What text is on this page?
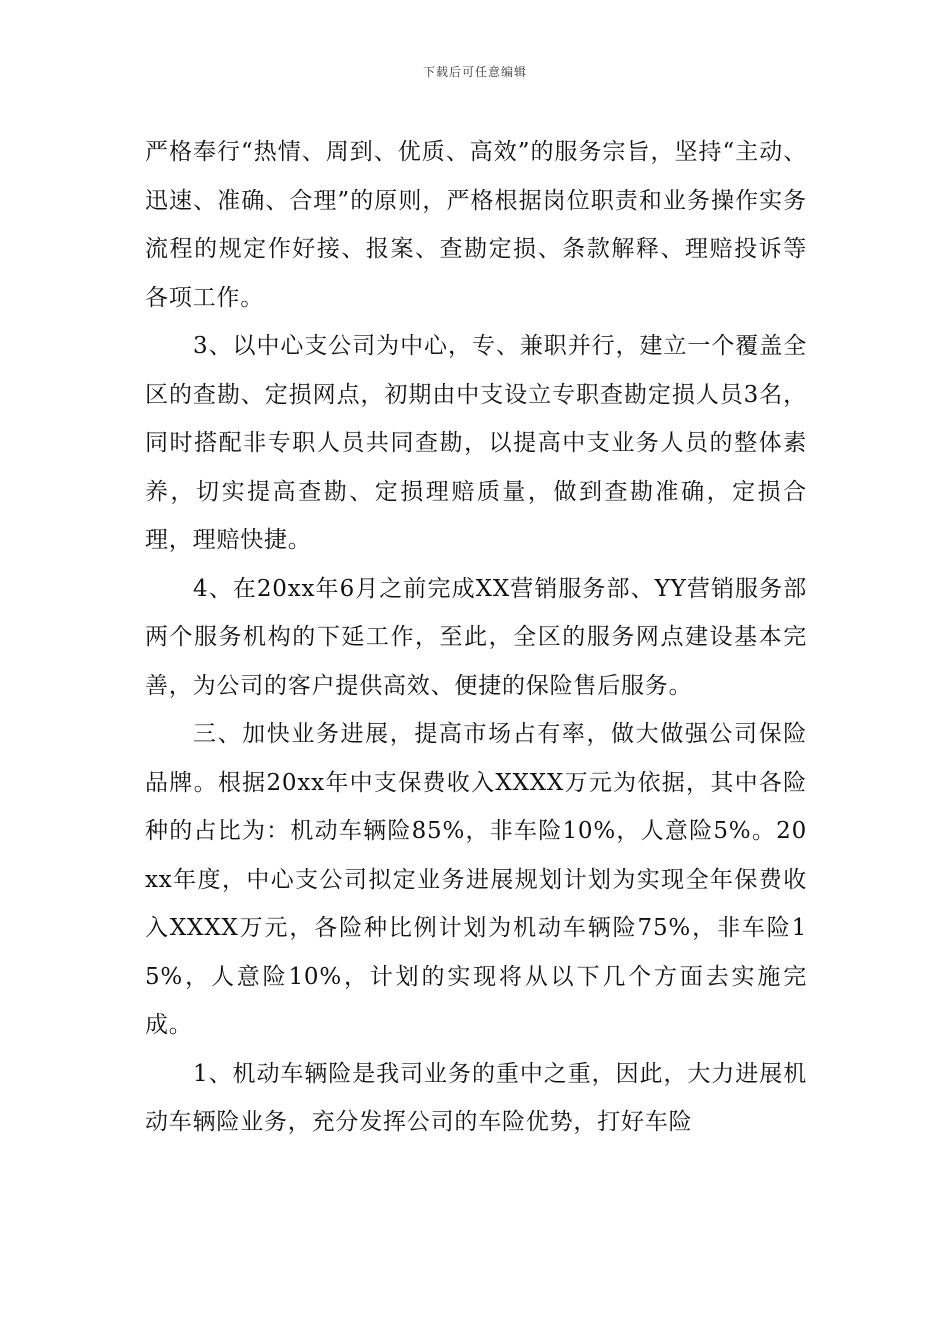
下载后可任意编辑

严格奉行“热情、周到、优质、高效”的服务宗旨，坚持“主动、迅速、准确、合理”的原则，严格根据岗位职责和业务操作实务流程的规定作好接、报案、查勘定损、条款解释、理赔投诉等各项工作。

3、以中心支公司为中心，专、兼职并行，建立一个覆盖全区的查勘、定损网点，初期由中支设立专职查勘定损人员3名，同时搭配非专职人员共同查勘，以提高中支业务人员的整体素养，切实提高查勘、定损理赔质量，做到查勘准确，定损合理，理赔快捷。

4、在20xx年6月之前完成XX营销服务部、YY营销服务部两个服务机构的下延工作，至此，全区的服务网点建设基本完善，为公司的客户提供高效、便捷的保险售后服务。

三、加快业务进展，提高市场占有率，做大做强公司保险品牌。根据20xx年中支保费收入XXXX万元为依据，其中各险种的占比为：机动车辆险85%，非车险10%，人意险5%。20xx年度，中心支公司拟定业务进展规划计划为实现全年保费收入XXXX万元，各险种比例计划为机动车辆险75%，非车险15%，人意险10%，计划的实现将从以下几个方面去实施完成。

1、机动车辆险是我司业务的重中之重，因此，大力进展机动车辆险业务，充分发挥公司的车险优势，打好车险
